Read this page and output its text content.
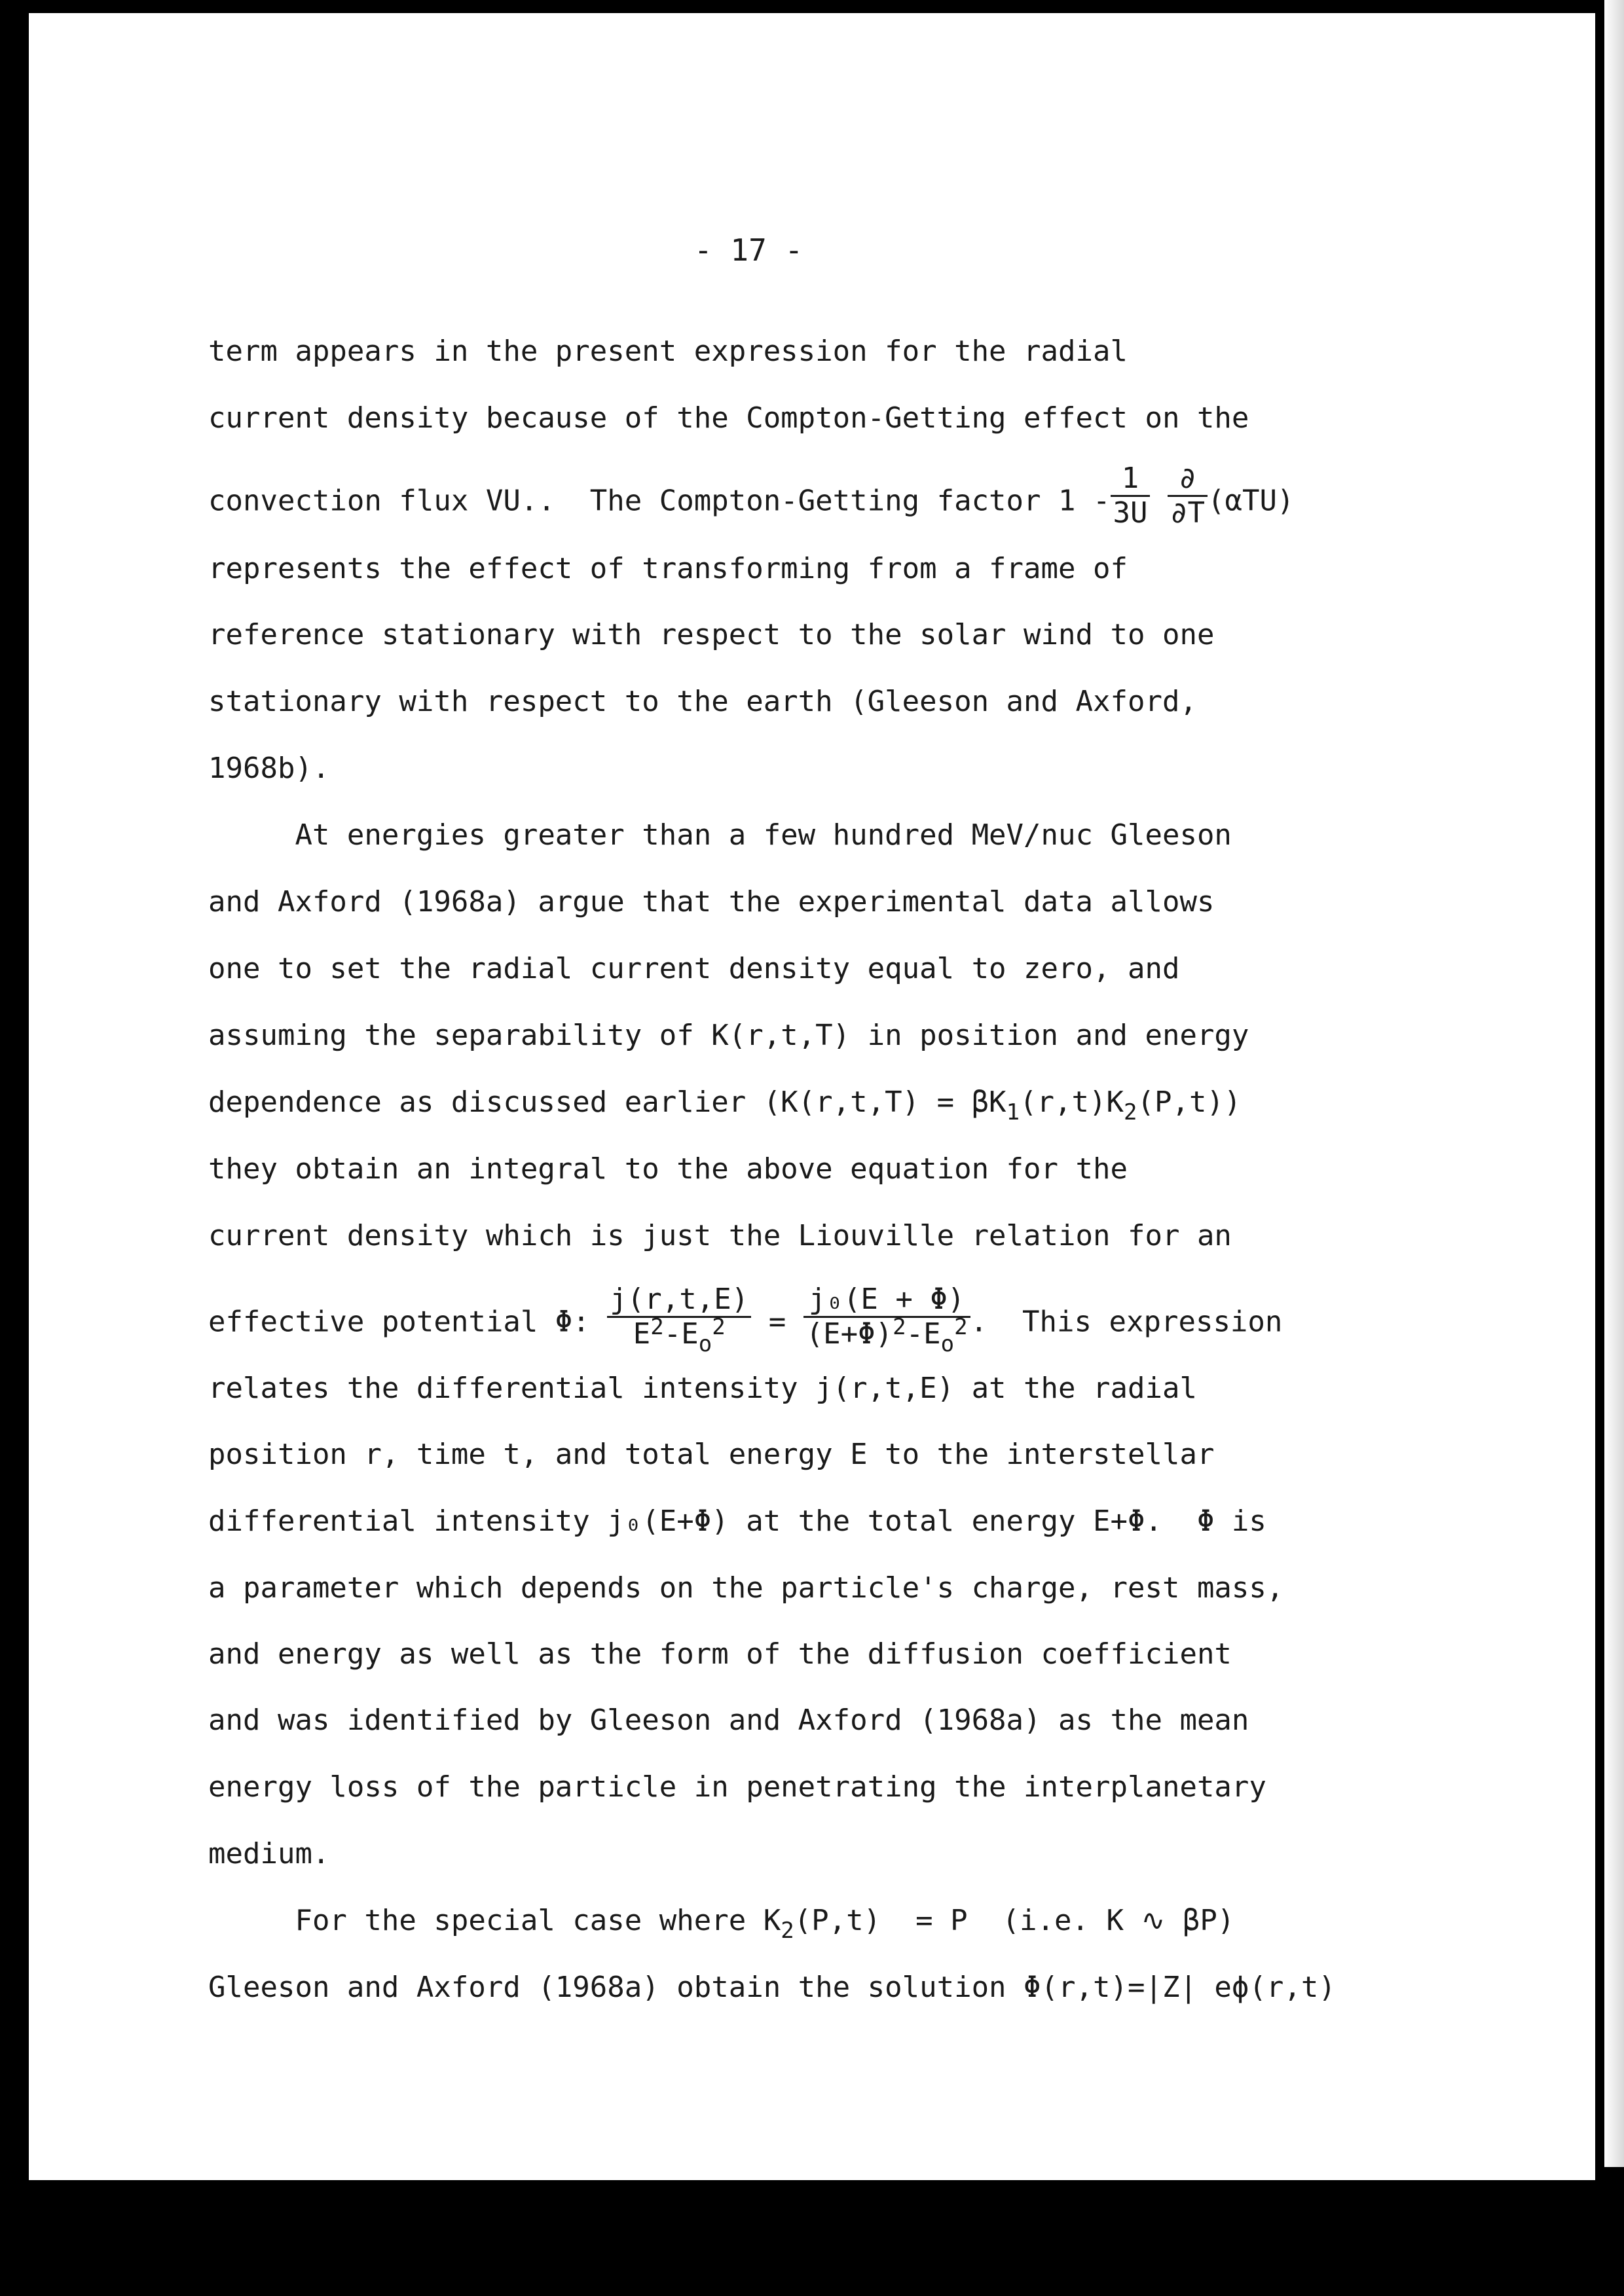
- 17 -
term appears in the present expression for the radial
current density because of the Compton-Getting effect on the
convection flux VU..  The Compton-Getting factor $1 - \frac{1}{3U}$
$\frac{\partial}{\partial T} (\alpha TU)$
represents the effect of transforming from a frame of
reference stationary with respect to the solar wind to one
stationary with respect to the earth (Gleeson and Axford,
1968b).
At energies greater than a few hundred MeV/nuc Gleeson
and Axford (1968a) argue that the experimental data allows
one to set the radial current density equal to zero, and
assuming the separability of K(r,t,T) in position and energy
dependence as discussed earlier $(K(r,t,T) = \beta K_1(r,t)K_2(P,t))$
they obtain an integral to the above equation for the
current density which is just the Liouville relation for an
effective potential Φ: $\frac{j(r,t,E)}{E^2-E_o^2} = \frac{\text{j₀(E + Φ)}}{(E+\Phi)^2-E_o^2}$ .  This expression
relates the differential intensity j(r,t,E) at the radial
position r, time t, and total energy E to the interstellar
differential intensity j₀(E+Φ) at the total energy E+Φ.  Φ is
a parameter which depends on the particle's charge, rest mass,
and energy as well as the form of the diffusion coefficient
and was identified by Gleeson and Axford (1968a) as the mean
energy loss of the particle in penetrating the interplanetary
medium.
For the special case where $K_2(P,t) = P$  (i.e. K ∿ βP)
Gleeson and Axford (1968a) obtain the solution Φ(r,t)=|Z| eϕ(r,t)
